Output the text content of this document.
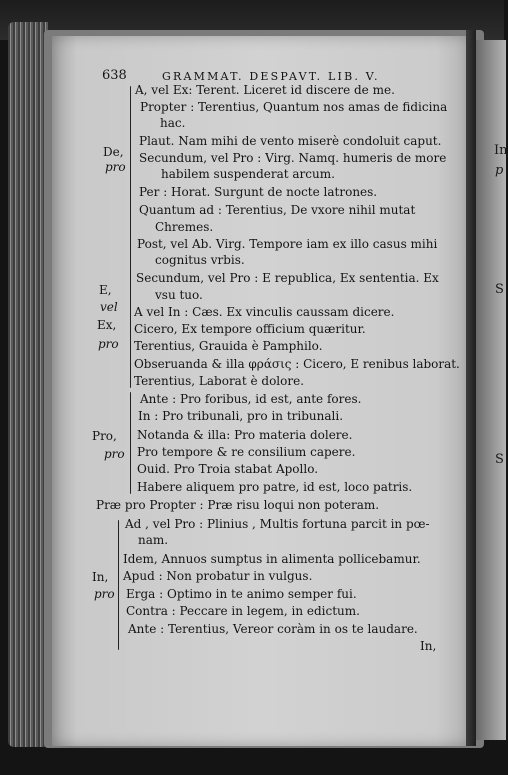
In
p
S
S
638	GRAMMAT. DESPAVT. LIB. V.
De,
pro
E,
vel
Ex,
pro
Pro,
pro
In,
pro
A, vel Ex: Terent. Liceret id discere de me.
Propter : Terentius, Quantum nos amas de fidicina
hac.
Plaut. Nam mihi de vento miserè condoluit caput.
Secundum, vel Pro : Virg. Namq. humeris de more
habilem suspenderat arcum.
Per : Horat. Surgunt de nocte latrones.
Quantum ad : Terentius, De vxore nihil mutat
Chremes.
Post, vel Ab. Virg. Tempore iam ex illo casus mihi
cognitus vrbis.
Secundum, vel Pro : E republica, Ex sententia. Ex
vsu tuo.
A vel In : Cæs. Ex vinculis caussam dicere.
Cicero, Ex tempore officium quæritur.
Terentius, Grauida è Pamphilo.
Obseruanda & illa φράσις : Cicero, E renibus laborat.
Terentius, Laborat è dolore.
Ante : Pro foribus, id est, ante fores.
In : Pro tribunali, pro in tribunali.
Notanda & illa: Pro materia dolere.
Pro tempore & re consilium capere.
Ouid. Pro Troia stabat Apollo.
Habere aliquem pro patre, id est, loco patris.
Præ pro Propter : Præ risu loqui non poteram.
Ad , vel Pro : Plinius , Multis fortuna parcit in pœ-
nam.
Idem, Annuos sumptus in alimenta pollicebamur.
Apud : Non probatur in vulgus.
Erga : Optimo in te animo semper fui.
Contra : Peccare in legem, in edictum.
Ante : Terentius, Vereor coràm in os te laudare.
In,
